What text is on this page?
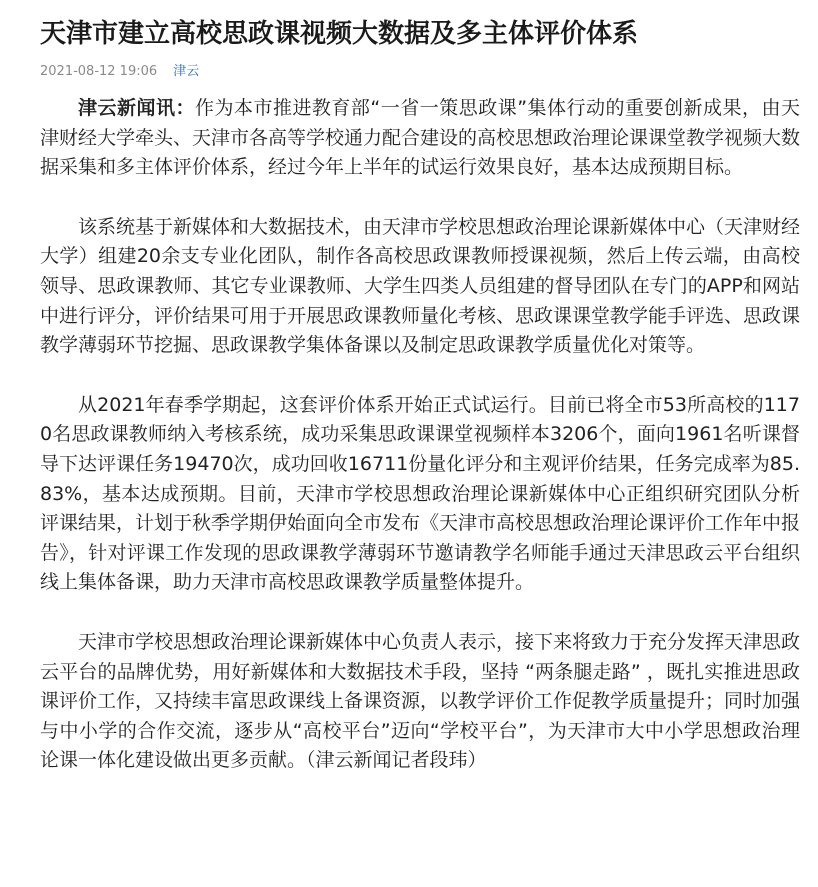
天津市建立高校思政课视频大数据及多主体评价体系
2021-08-12 19:06 津云

津云新闻讯：作为本市推进教育部“一省一策思政课”集体行动的重要创新成果，由天津财经大学牵头、天津市各高等学校通力配合建设的高校思想政治理论课课堂教学视频大数据采集和多主体评价体系，经过今年上半年的试运行效果良好，基本达成预期目标。

该系统基于新媒体和大数据技术，由天津市学校思想政治理论课新媒体中心（天津财经大学）组建20余支专业化团队，制作各高校思政课教师授课视频，然后上传云端，由高校领导、思政课教师、其它专业课教师、大学生四类人员组建的督导团队在专门的APP和网站中进行评分，评价结果可用于开展思政课教师量化考核、思政课课堂教学能手评选、思政课教学薄弱环节挖掘、思政课教学集体备课以及制定思政课教学质量优化对策等。

从2021年春季学期起，这套评价体系开始正式试运行。目前已将全市53所高校的1170名思政课教师纳入考核系统，成功采集思政课课堂视频样本3206个，面向1961名听课督导下达评课任务19470次，成功回收16711份量化评分和主观评价结果，任务完成率为85.83%，基本达成预期。目前，天津市学校思想政治理论课新媒体中心正组织研究团队分析评课结果，计划于秋季学期伊始面向全市发布《天津市高校思想政治理论课评价工作年中报告》，针对评课工作发现的思政课教学薄弱环节邀请教学名师能手通过天津思政云平台组织线上集体备课，助力天津市高校思政课教学质量整体提升。

天津市学校思想政治理论课新媒体中心负责人表示，接下来将致力于充分发挥天津思政云平台的品牌优势，用好新媒体和大数据技术手段，坚持 “两条腿走路” ，既扎实推进思政课评价工作，又持续丰富思政课线上备课资源，以教学评价工作促教学质量提升；同时加强与中小学的合作交流，逐步从“高校平台”迈向“学校平台”，为天津市大中小学思想政治理论课一体化建设做出更多贡献。（津云新闻记者段玮）
